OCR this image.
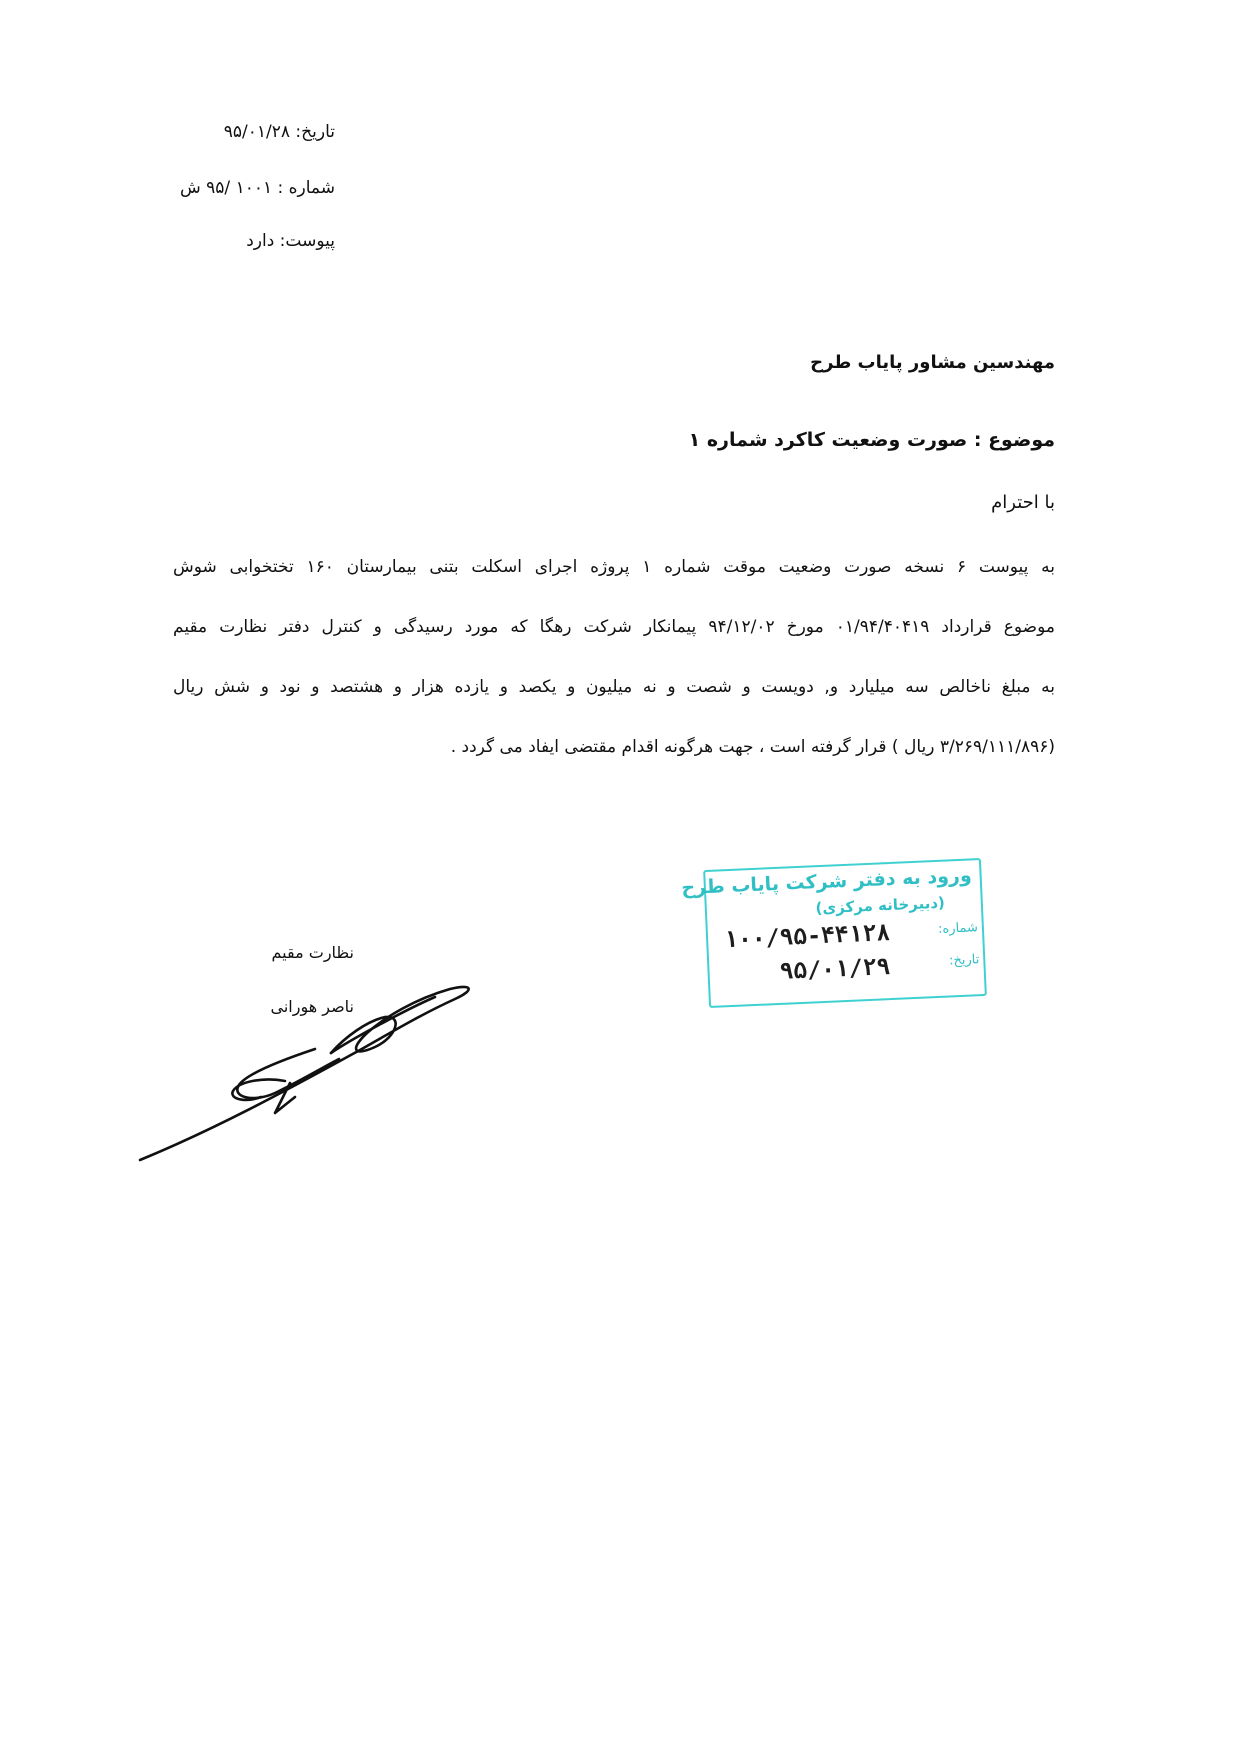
تاریخ: ۹۵/۰۱/۲۸
شماره : ۱۰۰۱ /۹۵ ش
پیوست: دارد
مهندسین مشاور پایاب طرح
موضوع : صورت وضعیت کاکرد شماره ۱
با احترام
به پیوست ۶ نسخه صورت وضعیت موقت شماره ۱ پروژه اجرای اسکلت بتنی بیمارستان ۱۶۰ تختخوابی شوش
موضوع قرارداد ۰۱/۹۴/۴۰۴۱۹ مورخ ۹۴/۱۲/۰۲ پیمانکار شرکت رهگا که مورد رسیدگی و کنترل دفتر نظارت مقیم
به مبلغ ناخالص سه میلیارد و, دویست و شصت و نه میلیون و یکصد و یازده هزار و هشتصد و نود و شش ریال
(۳/۲۶۹/۱۱۱/۸۹۶ ریال ) قرار گرفته است ، جهت هرگونه اقدام مقتضی ایفاد می گردد .
نظارت مقیم
ناصر هورانی
ورود به دفتر شرکت پایاب طرح
(دبیرخانه مرکزی)
شماره:
تاریخ:
۱۰۰/۹۵-۴۴۱۲۸
۹۵/۰۱/۲۹
